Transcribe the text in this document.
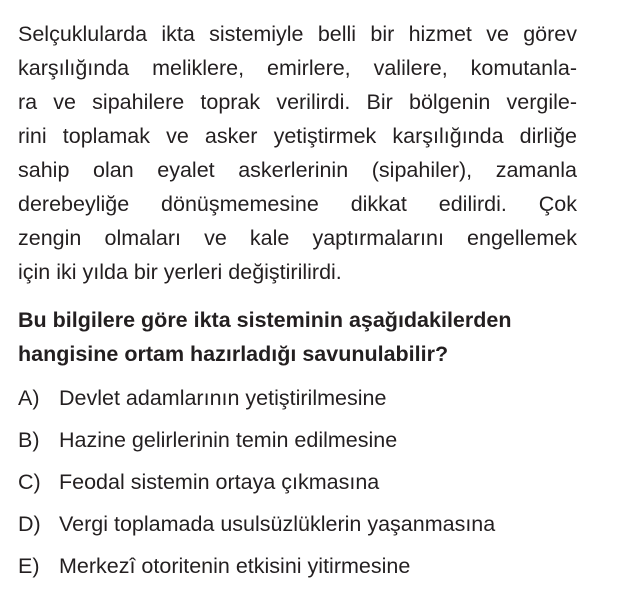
Selçuklularda ikta sistemiyle belli bir hizmet ve görev
karşılığında meliklere, emirlere, valilere, komutanla-
ra ve sipahilere toprak verilirdi. Bir bölgenin vergile-
rini toplamak ve asker yetiştirmek karşılığında dirliğe
sahip olan eyalet askerlerinin (sipahiler), zamanla
derebeyliğe dönüşmemesine dikkat edilirdi. Çok
zengin olmaları ve kale yaptırmalarını engellemek
için iki yılda bir yerleri değiştirilirdi.

Bu bilgilere göre ikta sisteminin aşağıdakilerden
hangisine ortam hazırladığı savunulabilir?

A) Devlet adamlarının yetiştirilmesine
B) Hazine gelirlerinin temin edilmesine
C) Feodal sistemin ortaya çıkmasına
D) Vergi toplamada usulsüzlüklerin yaşanmasına
E) Merkezî otoritenin etkisini yitirmesine
